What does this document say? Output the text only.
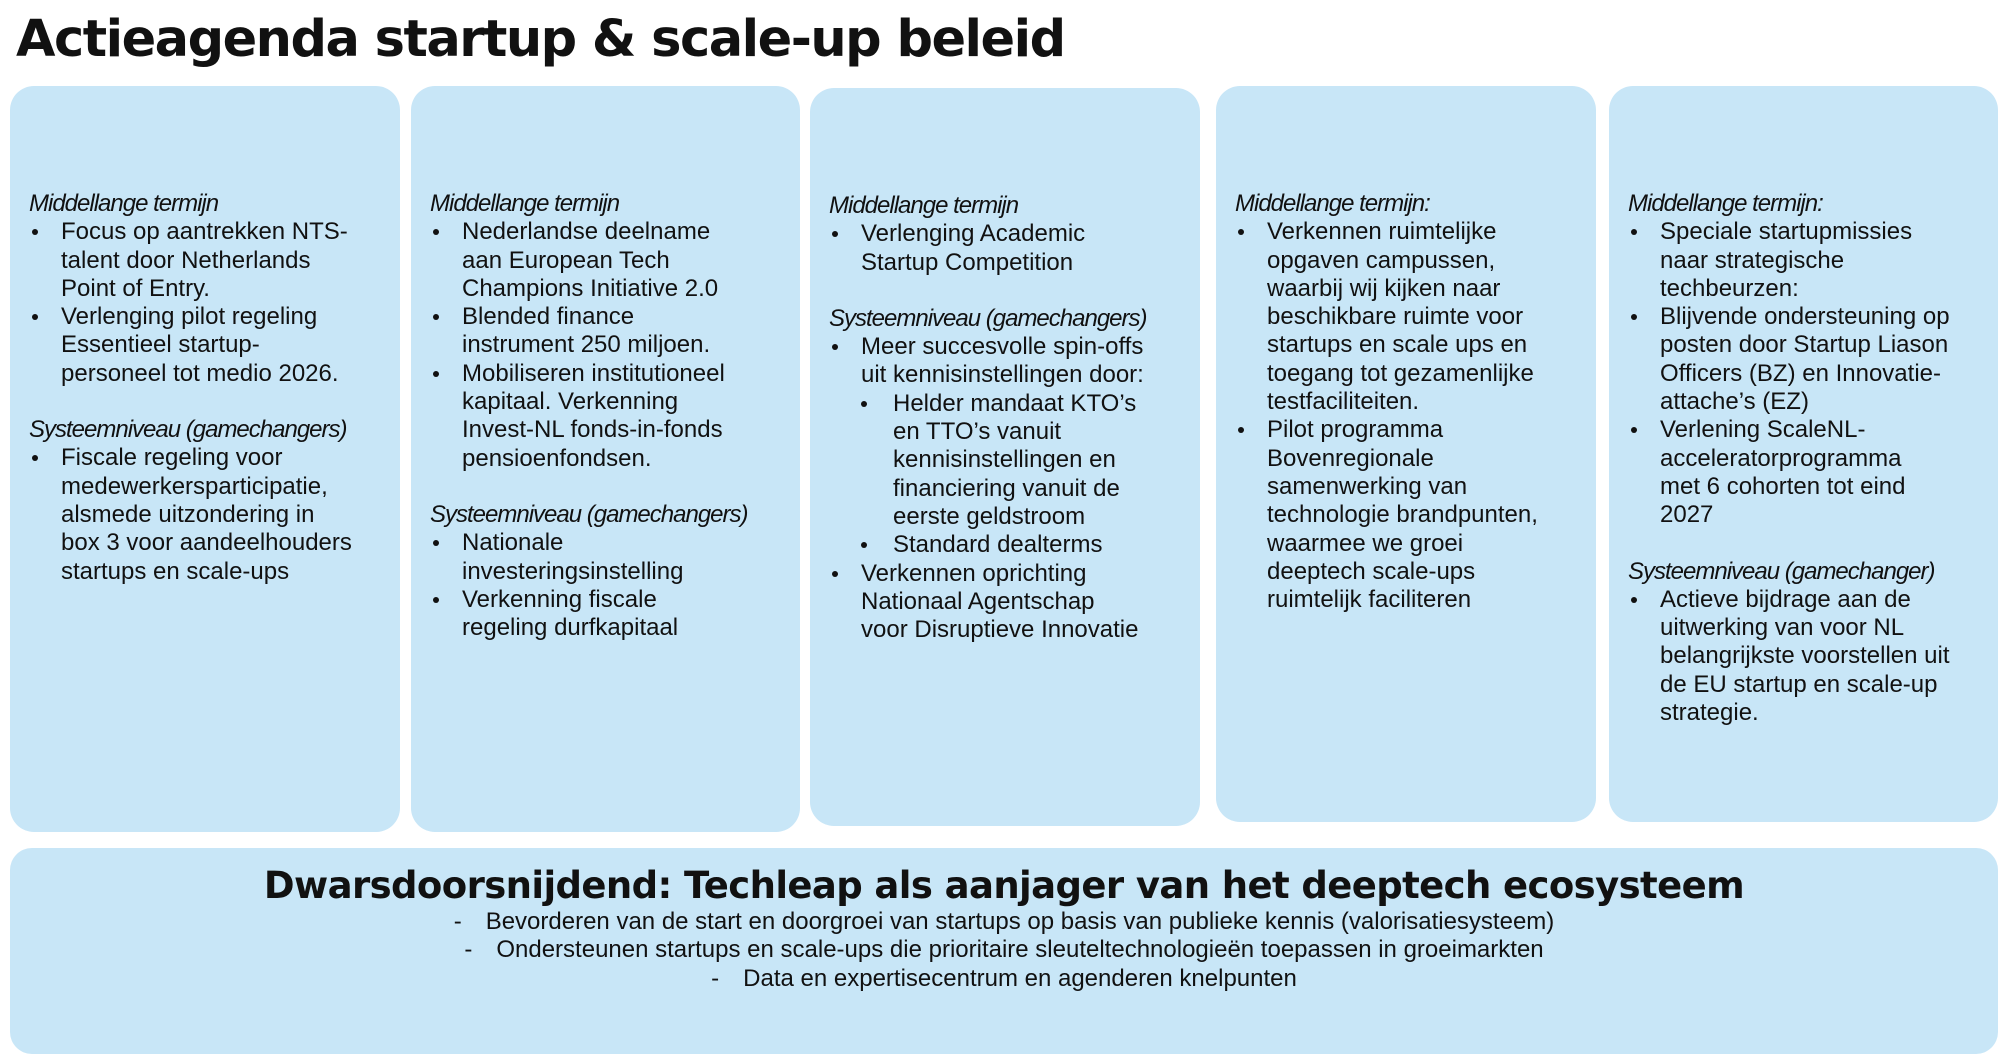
Actieagenda startup & scale-up beleid
Middellange termijn
Focus op aantrekken NTS-
talent door Netherlands
Point of Entry.
Verlenging pilot regeling
Essentieel startup-
personeel tot medio 2026.
Systeemniveau (gamechangers)
Fiscale regeling voor
medewerkersparticipatie,
alsmede uitzondering in
box 3 voor aandeelhouders
startups en scale-ups
Middellange termijn
Nederlandse deelname
aan European Tech
Champions Initiative 2.0
Blended finance
instrument 250 miljoen.
Mobiliseren institutioneel
kapitaal. Verkenning
Invest-NL fonds-in-fonds
pensioenfondsen.
Systeemniveau (gamechangers)
Nationale
investeringsinstelling
Verkenning fiscale
regeling durfkapitaal
Middellange termijn
Verlenging Academic
Startup Competition
Systeemniveau (gamechangers)
Meer succesvolle spin-offs
uit kennisinstellingen door:
Helder mandaat KTO’s
en TTO’s vanuit
kennisinstellingen en
financiering vanuit de
eerste geldstroom
Standard dealterms
Verkennen oprichting
Nationaal Agentschap
voor Disruptieve Innovatie
Middellange termijn:
Verkennen ruimtelijke
opgaven campussen,
waarbij wij kijken naar
beschikbare ruimte voor
startups en scale ups en
toegang tot gezamenlijke
testfaciliteiten.
Pilot programma
Bovenregionale
samenwerking van
technologie brandpunten,
waarmee we groei
deeptech scale-ups
ruimtelijk faciliteren

Middellange termijn:
Speciale startupmissies
naar strategische
techbeurzen:
Blijvende ondersteuning op
posten door Startup Liason
Officers (BZ) en Innovatie-
attache’s (EZ)
Verlening ScaleNL-
acceleratorprogramma
met 6 cohorten tot eind
2027
Systeemniveau (gamechanger)
Actieve bijdrage aan de
uitwerking van voor NL
belangrijkste voorstellen uit
de EU startup en scale-up
strategie.
Dwarsdoorsnijdend: Techleap als aanjager van het deeptech ecosysteem
- Bevorderen van de start en doorgroei van startups op basis van publieke kennis (valorisatiesysteem)
- Ondersteunen startups en scale-ups die prioritaire sleuteltechnologieën toepassen in groeimarkten
- Data en expertisecentrum en agenderen knelpunten
